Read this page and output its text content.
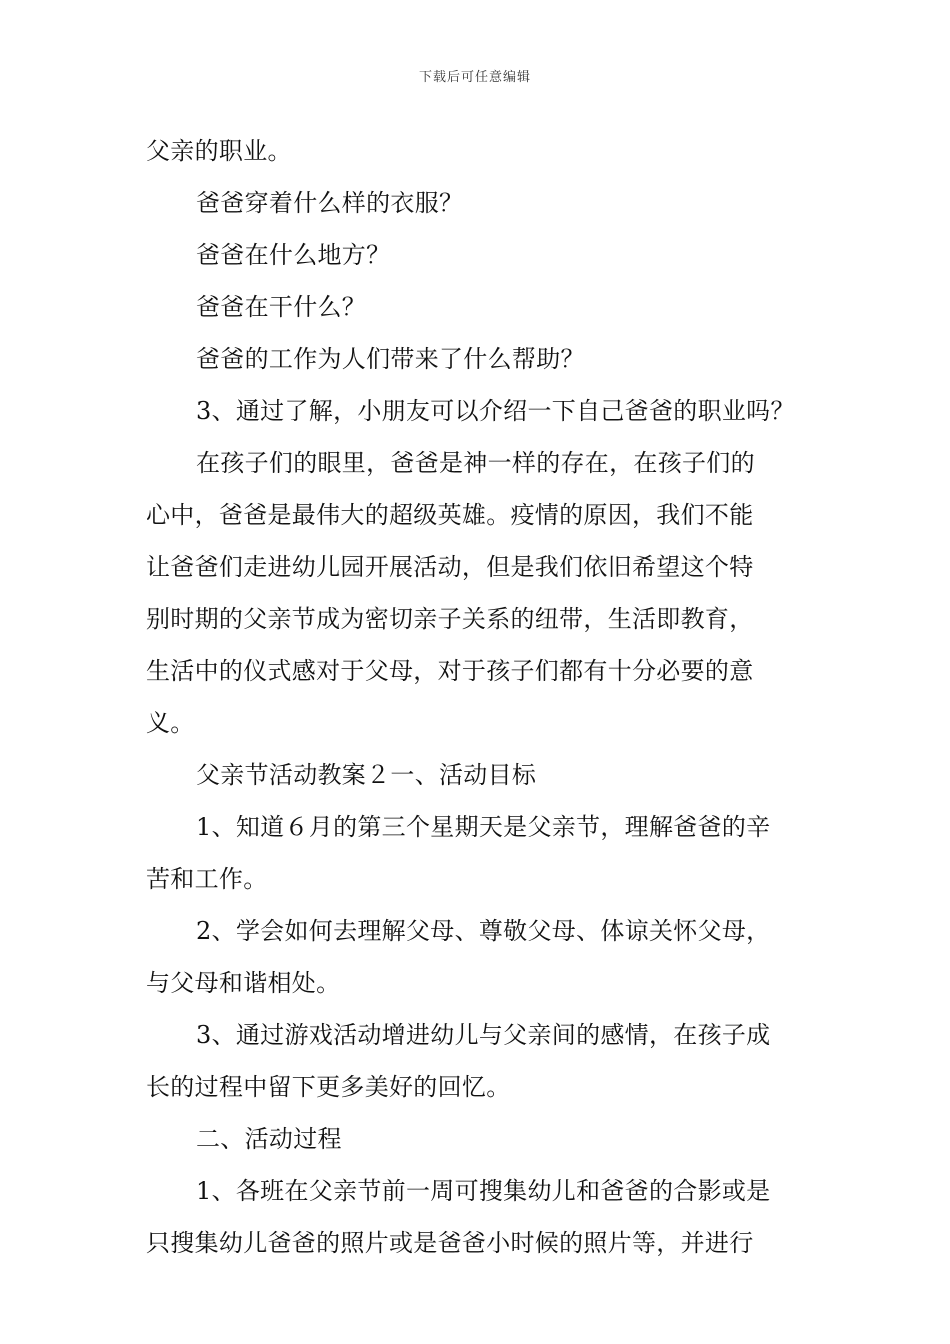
下载后可任意编辑
父亲的职业。
爸爸穿着什么样的衣服？
爸爸在什么地方？
爸爸在干什么？
爸爸的工作为人们带来了什么帮助？
3、通过了解，小朋友可以介绍一下自己爸爸的职业吗？
在孩子们的眼里，爸爸是神一样的存在，在孩子们的
心中，爸爸是最伟大的超级英雄。疫情的原因，我们不能
让爸爸们走进幼儿园开展活动，但是我们依旧希望这个特
别时期的父亲节成为密切亲子关系的纽带，生活即教育，
生活中的仪式感对于父母，对于孩子们都有十分必要的意
义。
父亲节活动教案２一、活动目标
1、知道６月的第三个星期天是父亲节，理解爸爸的辛
苦和工作。
2、学会如何去理解父母、尊敬父母、体谅关怀父母，
与父母和谐相处。
3、通过游戏活动增进幼儿与父亲间的感情，在孩子成
长的过程中留下更多美好的回忆。
二、活动过程
1、各班在父亲节前一周可搜集幼儿和爸爸的合影或是
只搜集幼儿爸爸的照片或是爸爸小时候的照片等，并进行
